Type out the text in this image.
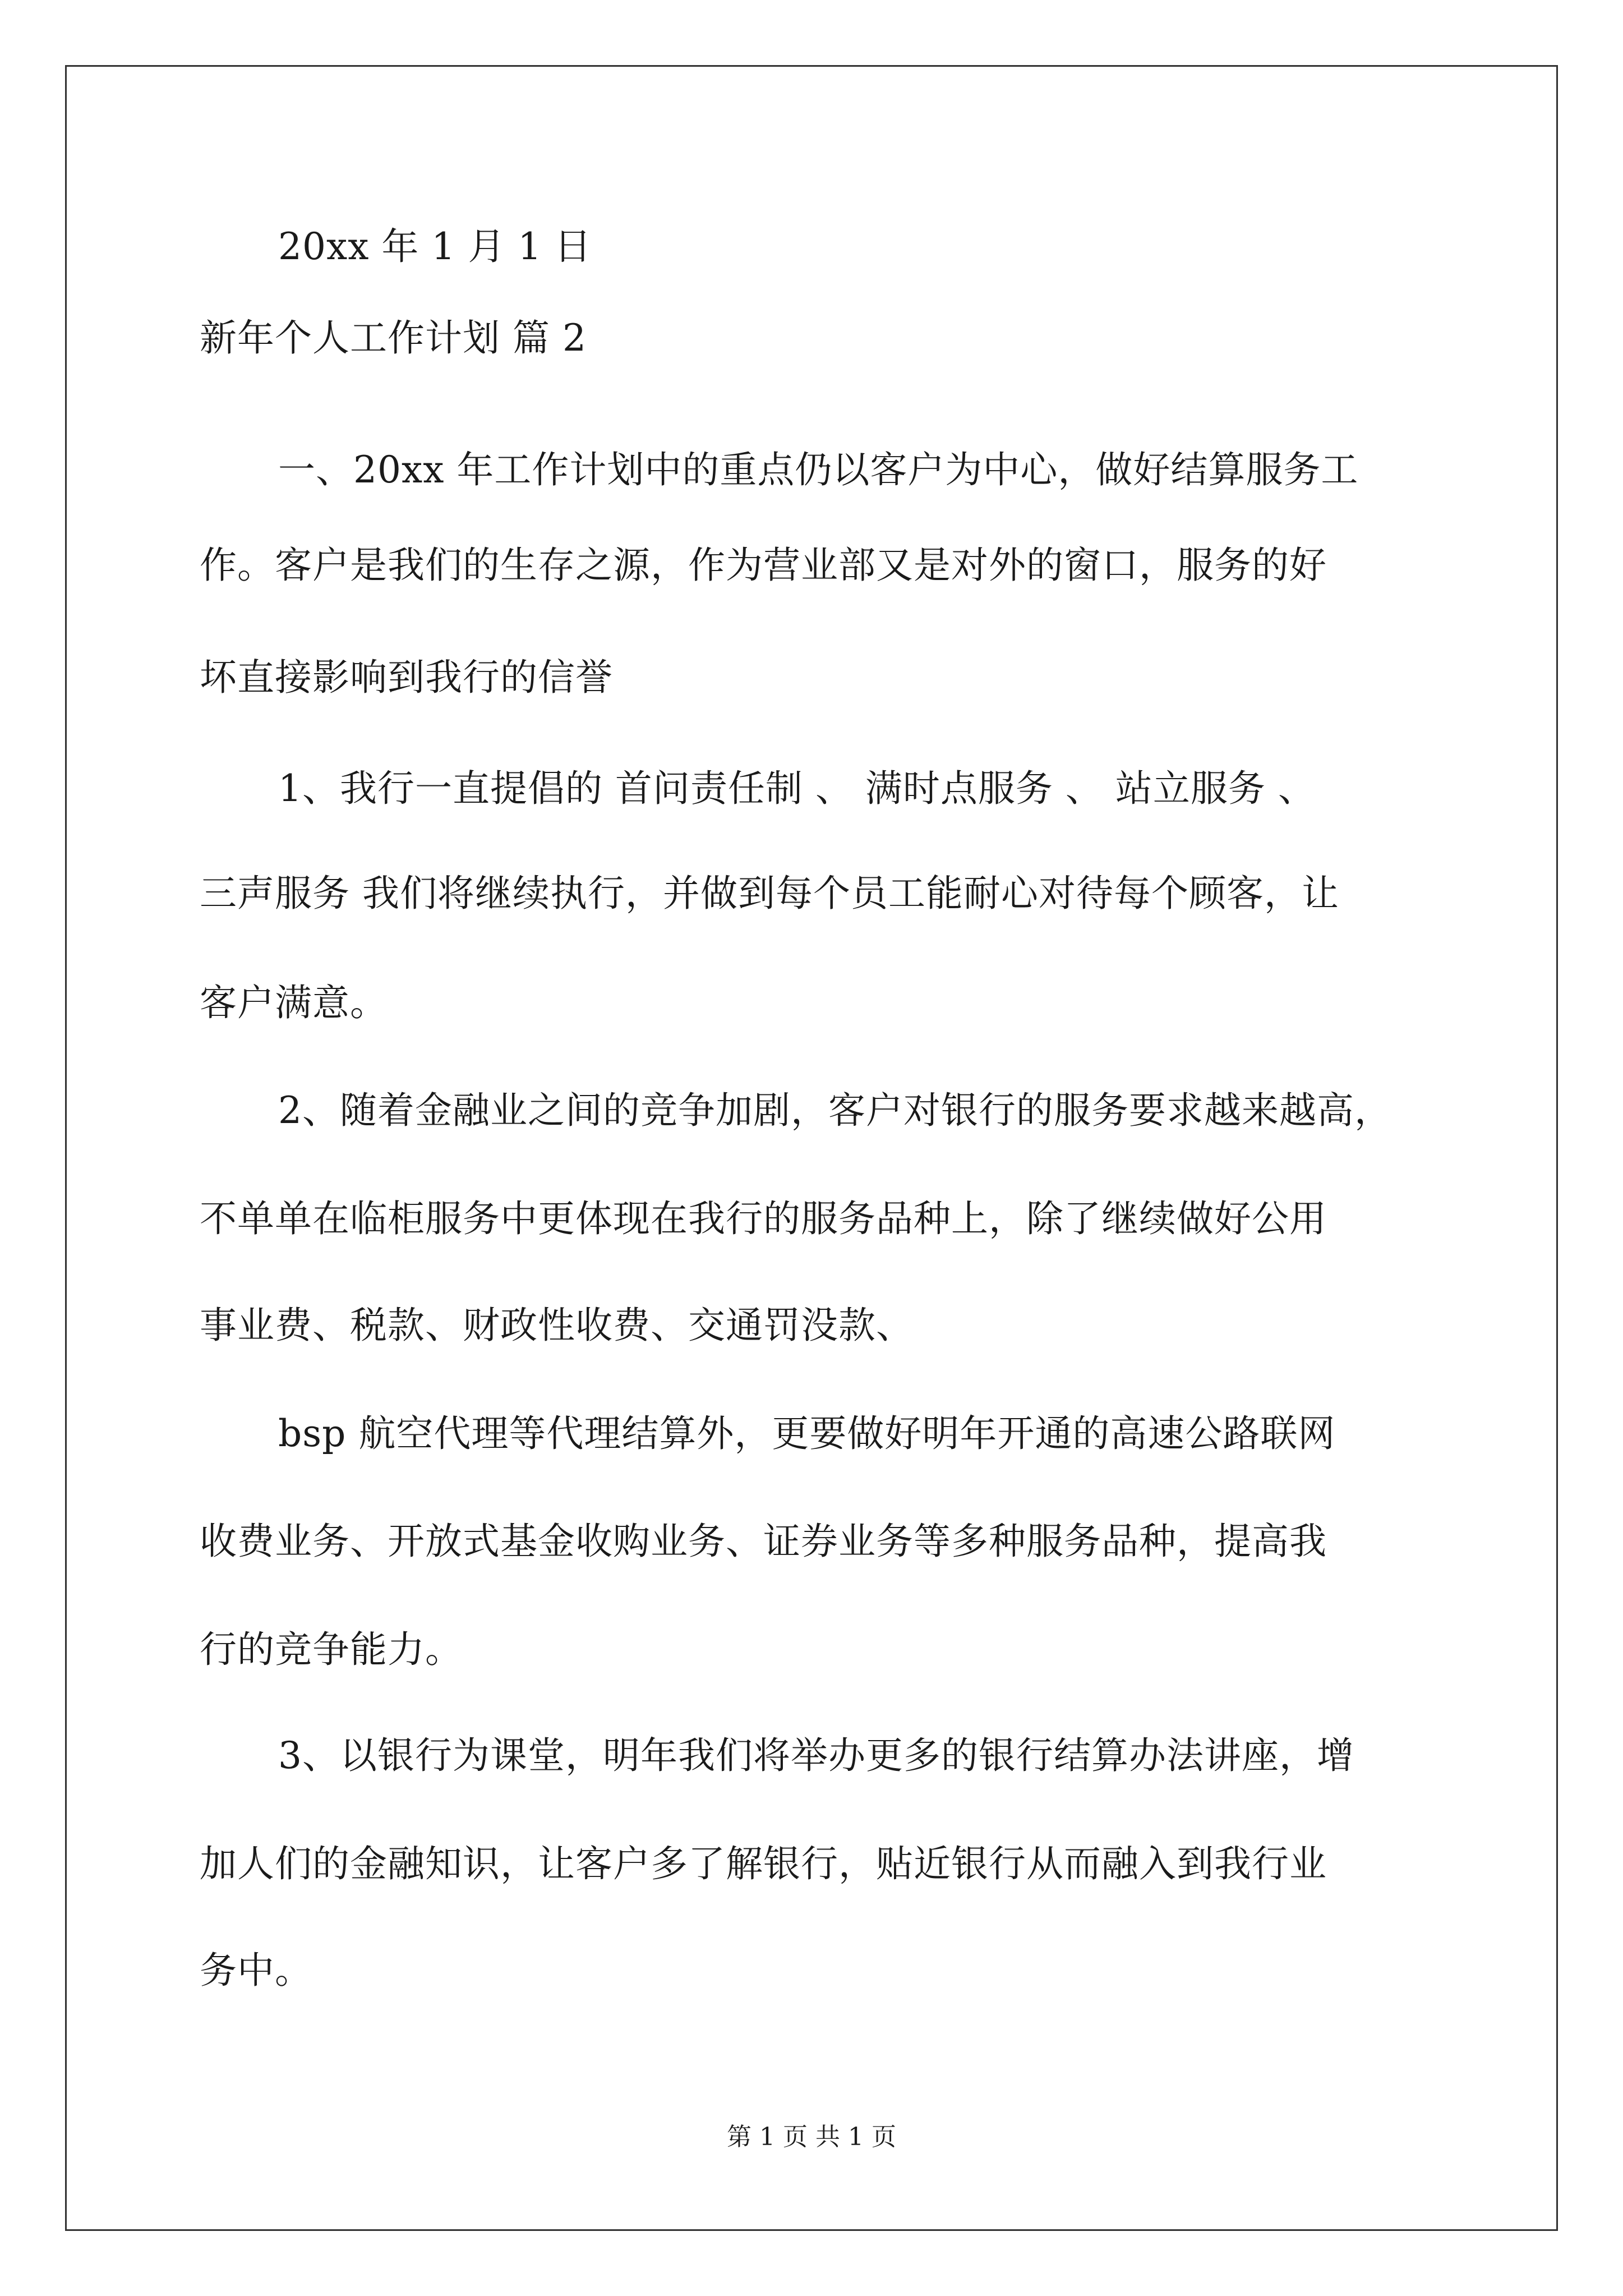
20xx 年 1 月 1 日
新年个人工作计划 篇 2
一、20xx 年工作计划中的重点仍以客户为中心，做好结算服务工
作。客户是我们的生存之源，作为营业部又是对外的窗口，服务的好
坏直接影响到我行的信誉
1、我行一直提倡的 首问责任制 、 满时点服务 、 站立服务 、
三声服务 我们将继续执行，并做到每个员工能耐心对待每个顾客，让
客户满意。
2、随着金融业之间的竞争加剧，客户对银行的服务要求越来越高，
不单单在临柜服务中更体现在我行的服务品种上，除了继续做好公用
事业费、税款、财政性收费、交通罚没款、
bsp 航空代理等代理结算外，更要做好明年开通的高速公路联网
收费业务、开放式基金收购业务、证券业务等多种服务品种，提高我
行的竞争能力。
3、以银行为课堂，明年我们将举办更多的银行结算办法讲座，增
加人们的金融知识，让客户多了解银行，贴近银行从而融入到我行业
务中。
第 1 页 共 1 页
